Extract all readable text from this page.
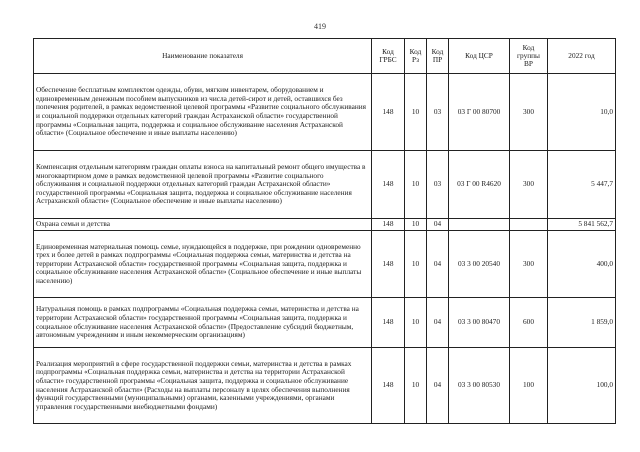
419
Наименование показателя	Код ГРБС	Код Рз	Код ПР	Код ЦСР	Код группы ВР	2022 год
Обеспечение бесплатным комплектом одежды, обуви, мягким инвентарем, оборудованием и единовременным денежным пособием выпускников из числа детей-сирот и детей, оставшихся без попечения родителей, в рамках ведомственной целевой программы «Развитие социального обслуживания и социальной поддержки отдельных категорий граждан Астраханской области» государственной программы «Социальная защита, поддержка и социальное обслуживание населения Астраханской области» (Социальное обеспечение и иные выплаты населению)	148	10	03	03 Г 00 80700	300	10,0
Компенсация отдельным категориям граждан оплаты взноса на капитальный ремонт общего имущества в многоквартирном доме в рамках ведомственной целевой программы «Развитие социального обслуживания и социальной поддержки отдельных категорий граждан Астраханской области» государственной программы «Социальная защита, поддержка и социальное обслуживание населения Астраханской области» (Социальное обеспечение и иные выплаты населению)	148	10	03	03 Г 00 R4620	300	5 447,7
Охрана семьи и детства	148	10	04			5 841 562,7
Единовременная материальная помощь семье, нуждающейся в поддержке, при рождении одновременно трех и более детей в рамках подпрограммы «Социальная поддержка семьи, материнства и детства на территории Астраханской области» государственной программы «Социальная защита, поддержка и социальное обслуживание населения Астраханской области» (Социальное обеспечение и иные выплаты населению)	148	10	04	03 3 00 20540	300	400,0
Натуральная помощь в рамках подпрограммы «Социальная поддержка семьи, материнства и детства на территории Астраханской области» государственной программы «Социальная защита, поддержка и социальное обслуживание населения Астраханской области» (Предоставление субсидий бюджетным, автономным учреждениям и иным некоммерческим организациям)	148	10	04	03 3 00 80470	600	1 859,0
Реализация мероприятий в сфере государственной поддержки семьи, материнства и детства в рамках подпрограммы «Социальная поддержка семьи, материнства и детства на территории Астраханской области» государственной программы «Социальная защита, поддержка и социальное обслуживание населения Астраханской области» (Расходы на выплаты персоналу в целях обеспечения выполнения функций государственными (муниципальными) органами, казенными учреждениями, органами управления государственными внебюджетными фондами)	148	10	04	03 3 00 80530	100	100,0
